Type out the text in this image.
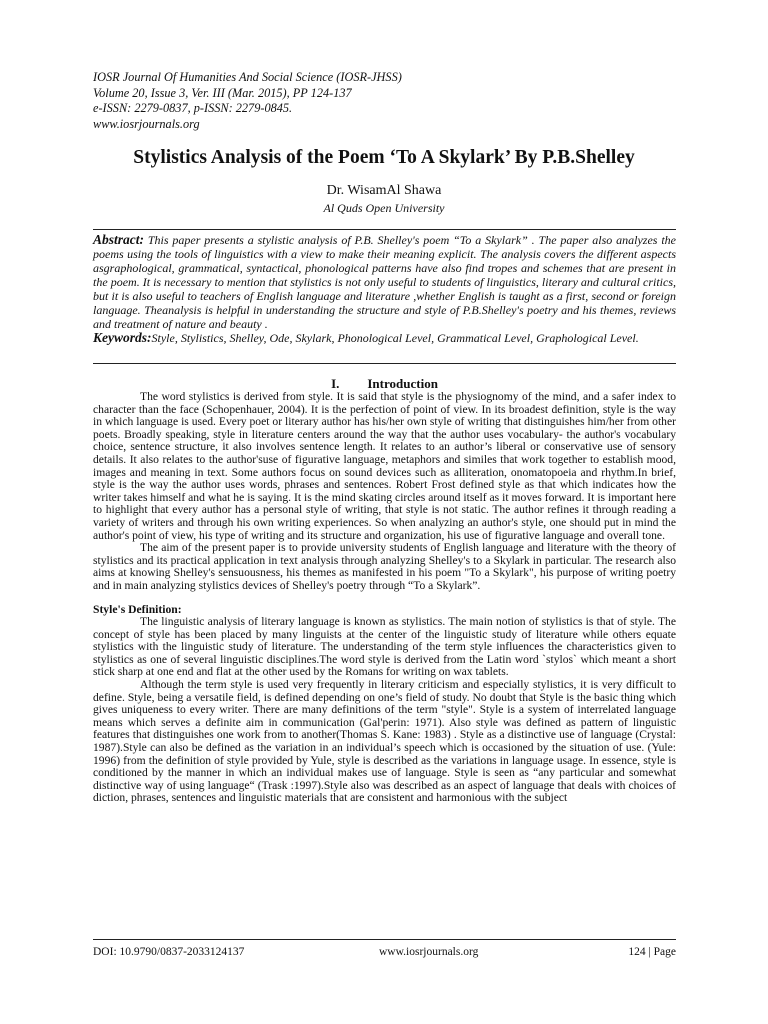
IOSR Journal Of Humanities And Social Science (IOSR-JHSS)
Volume 20, Issue 3, Ver. III (Mar. 2015), PP 124-137
e-ISSN: 2279-0837, p-ISSN: 2279-0845.
www.iosrjournals.org
Stylistics Analysis of the Poem ‘To A Skylark’ By P.B.Shelley
Dr. WisamAl Shawa
Al Quds Open University
Abstract: This paper presents a stylistic analysis of P.B. Shelley's poem “To a Skylark” . The paper also analyzes the poems using the tools of linguistics with a view to make their meaning explicit. The analysis covers the different aspects asgraphological, grammatical, syntactical, phonological patterns have also find tropes and schemes that are present in the poem. It is necessary to mention that stylistics is not only useful to students of linguistics, literary and cultural critics, but it is also useful to teachers of English language and literature ,whether English is taught as a first, second or foreign language. Theanalysis is helpful in understanding the structure and style of P.B.Shelley's poetry and his themes, reviews and treatment of nature and beauty .
Keywords:Style, Stylistics, Shelley, Ode, Skylark, Phonological Level, Grammatical Level, Graphological Level.
I. Introduction

The word stylistics is derived from style. It is said that style is the physiognomy of the mind, and a safer index to character than the face (Schopenhauer, 2004). It is the perfection of point of view. In its broadest definition, style is the way in which language is used. Every poet or literary author has his/her own style of writing that distinguishes him/her from other poets. Broadly speaking, style in literature centers around the way that the author uses vocabulary- the author's vocabulary choice, sentence structure, it also involves sentence length. It relates to an author’s liberal or conservative use of sensory details. It also relates to the author'suse of figurative language, metaphors and similes that work together to establish mood, images and meaning in text. Some authors focus on sound devices such as alliteration, onomatopoeia and rhythm.In brief, style is the way the author uses words, phrases and sentences. Robert Frost defined style as that which indicates how the writer takes himself and what he is saying. It is the mind skating circles around itself as it moves forward. It is important here to highlight that every author has a personal style of writing, that style is not static. The author refines it through reading a variety of writers and through his own writing experiences. So when analyzing an author's style, one should put in mind the author's point of view, his type of writing and its structure and organization, his use of figurative language and overall tone.

The aim of the present paper is to provide university students of English language and literature with the theory of stylistics and its practical application in text analysis through analyzing Shelley's to a Skylark in particular. The research also aims at knowing Shelley's sensuousness, his themes as manifested in his poem "To a Skylark", his purpose of writing poetry and in main analyzing stylistics devices of Shelley's poetry through “To a Skylark”.

Style's Definition:

The linguistic analysis of literary language is known as stylistics. The main notion of stylistics is that of style. The concept of style has been placed by many linguists at the center of the linguistic study of literature while others equate stylistics with the linguistic study of literature. The understanding of the term style influences the characteristics given to stylistics as one of several linguistic disciplines.The word style is derived from the Latin word `stylos` which meant a short stick sharp at one end and flat at the other used by the Romans for writing on wax tablets.

Although the term style is used very frequently in literary criticism and especially stylistics, it is very difficult to define. Style, being a versatile field, is defined depending on one’s field of study. No doubt that Style is the basic thing which gives uniqueness to every writer. There are many definitions of the term "style". Style is a system of interrelated language means which serves a definite aim in communication (Gal'perin: 1971). Also style was defined as pattern of linguistic features that distinguishes one work from to another(Thomas S. Kane: 1983) . Style as a distinctive use of language (Crystal: 1987).Style can also be defined as the variation in an individual’s speech which is occasioned by the situation of use. (Yule: 1996) from the definition of style provided by Yule, style is described as the variations in language usage. In essence, style is conditioned by the manner in which an individual makes use of language. Style is seen as “any particular and somewhat distinctive way of using language“ (Trask :1997).Style also was described as an aspect of language that deals with choices of diction, phrases, sentences and linguistic materials that are consistent and harmonious with the subject

DOI: 10.9790/0837-2033124137	www.iosrjournals.org	124 | Page
